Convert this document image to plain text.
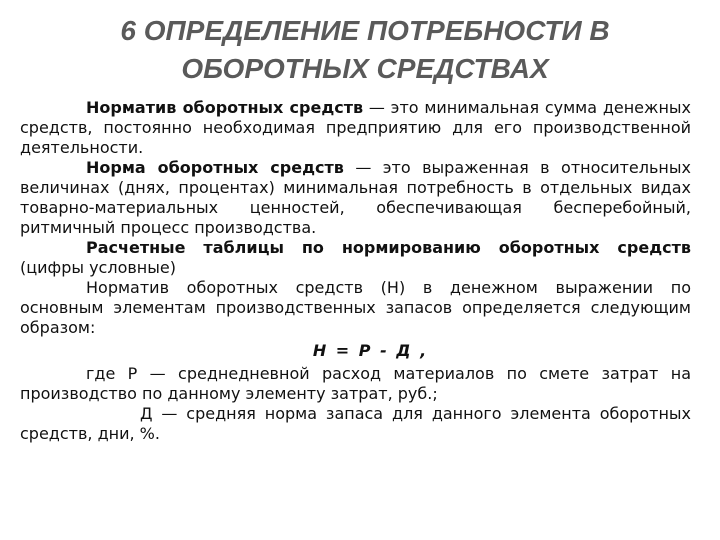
6 ОПРЕДЕЛЕНИЕ ПОТРЕБНОСТИ В
ОБОРОТНЫХ СРЕДСТВАХ

Норматив оборотных средств — это минимальная сумма денежных средств, постоянно необходимая предприятию для его производственной деятельности.

Норма оборотных средств — это выраженная в относительных величинах (днях, процентах) минимальная потребность в отдельных видах товарно-материальных ценностей, обеспечивающая бесперебойный, ритмичный процесс производства.

Расчетные таблицы по нормированию оборотных средств (цифры условные)

Норматив оборотных средств (Н) в денежном выражении по основным элементам производственных запасов определяется следующим образом:

Н = Р - Д ,

где Р — среднедневной расход материалов по смете затрат на производство по данному элементу затрат, руб.;

Д — средняя норма запаса для данного элемента оборотных средств, дни, %.
